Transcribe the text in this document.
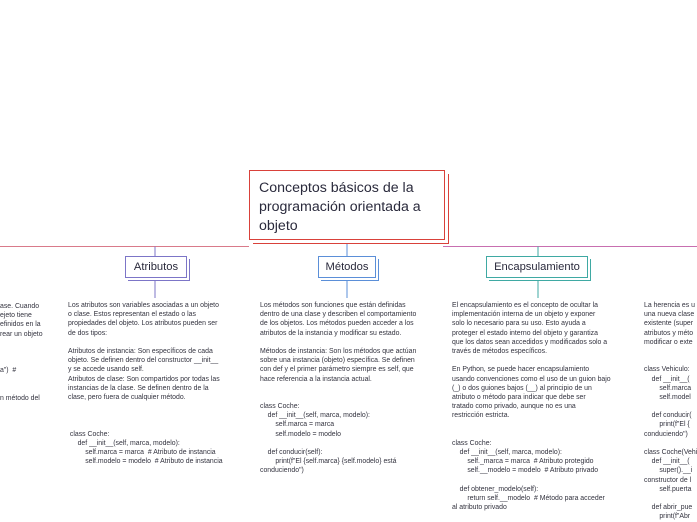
Conceptos básicos de la programación orientada a objeto
Atributos	Métodos	Encapsulamiento
ase. Cuando
ejeto tiene
efinidos en la
rear un objeto
a")  #
n método del
Los atributos son variables asociadas a un objeto
o clase. Estos representan el estado o las
propiedades del objeto. Los atributos pueden ser
de dos tipos:
Atributos de instancia: Son específicos de cada
objeto. Se definen dentro del constructor __init__
y se accede usando self.
Atributos de clase: Son compartidos por todas las
instancias de la clase. Se definen dentro de la
clase, pero fuera de cualquier método.
class Coche:
def __init__(self, marca, modelo):
self.marca = marca  # Atributo de instancia
self.modelo = modelo  # Atributo de instancia
Los métodos son funciones que están definidas
dentro de una clase y describen el comportamiento
de los objetos. Los métodos pueden acceder a los
atributos de la instancia y modificar su estado.
Métodos de instancia: Son los métodos que actúan
sobre una instancia (objeto) específica. Se definen
con def y el primer parámetro siempre es self, que
hace referencia a la instancia actual.
class Coche:
def __init__(self, marca, modelo):
self.marca = marca
self.modelo = modelo
def conducir(self):
print(f"El {self.marca} {self.modelo} está
conduciendo")
El encapsulamiento es el concepto de ocultar la
implementación interna de un objeto y exponer
solo lo necesario para su uso. Esto ayuda a
proteger el estado interno del objeto y garantiza
que los datos sean accedidos y modificados solo a
través de métodos específicos.
En Python, se puede hacer encapsulamiento
usando convenciones como el uso de un guion bajo
(_) o dos guiones bajos (__) al principio de un
atributo o método para indicar que debe ser
tratado como privado, aunque no es una
restricción estricta.
class Coche:
def __init__(self, marca, modelo):
self._marca = marca  # Atributo protegido
self.__modelo = modelo  # Atributo privado
def obtener_modelo(self):
return self.__modelo  # Método para acceder
al atributo privado
La herencia es u
una nueva clase
existente (super
atributos y méto
modificar o exte
class Vehiculo:
def __init__(
self.marca
self.model
def conducir(
print(f"El {
conduciendo")
class Coche(Vehi
def __init__(
super().__i
constructor de l
self.puerta
def abrir_pue
print(f"Abr
